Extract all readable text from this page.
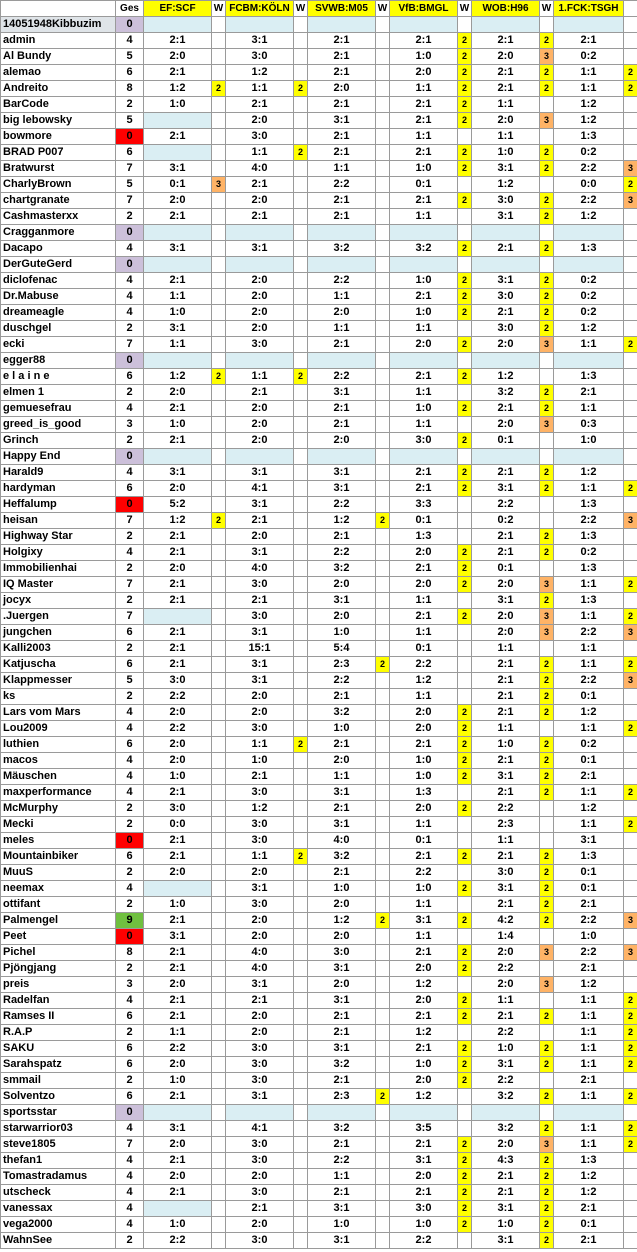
	Ges	EF:SCF	W	FCBM:KÖLN	W	SVWB:M05	W	VfB:BMGL	W	WOB:H96	W	1.FCK:TSGH	
14051948Kibbuzim	0												
admin	4	2:1		3:1		2:1		2:1	2	2:1	2	2:1	
Al Bundy	5	2:0		3:0		2:1		1:0	2	2:0	3	0:2	
alemao	6	2:1		1:2		2:1		2:0	2	2:1	2	1:1	2
Andreito	8	1:2	2	1:1	2	2:0		1:1	2	2:1	2	1:1	2
BarCode	2	1:0		2:1		2:1		2:1	2	1:1		1:2	
big lebowsky	5			2:0		3:1		2:1	2	2:0	3	1:2	
bowmore	0	2:1		3:0		2:1		1:1		1:1		1:3	
BRAD P007	6			1:1	2	2:1		2:1	2	1:0	2	0:2	
Bratwurst	7	3:1		4:0		1:1		1:0	2	3:1	2	2:2	3
CharlyBrown	5	0:1	3	2:1		2:2		0:1		1:2		0:0	2
chartgranate	7	2:0		2:0		2:1		2:1	2	3:0	2	2:2	3
Cashmasterxx	2	2:1		2:1		2:1		1:1		3:1	2	1:2	
Cragganmore	0												
Dacapo	4	3:1		3:1		3:2		3:2	2	2:1	2	1:3	
DerGuteGerd	0												
diclofenac	4	2:1		2:0		2:2		1:0	2	3:1	2	0:2	
Dr.Mabuse	4	1:1		2:0		1:1		2:1	2	3:0	2	0:2	
dreameagle	4	1:0		2:0		2:0		1:0	2	2:1	2	0:2	
duschgel	2	3:1		2:0		1:1		1:1		3:0	2	1:2	
ecki	7	1:1		3:0		2:1		2:0	2	2:0	3	1:1	2
egger88	0												
e l a i n e	6	1:2	2	1:1	2	2:2		2:1	2	1:2		1:3	
elmen 1	2	2:0		2:1		3:1		1:1		3:2	2	2:1	
gemuesefrau	4	2:1		2:0		2:1		1:0	2	2:1	2	1:1	
greed_is_good	3	1:0		2:0		2:1		1:1		2:0	3	0:3	
Grinch	2	2:1		2:0		2:0		3:0	2	0:1		1:0	
Happy End	0												
Harald9	4	3:1		3:1		3:1		2:1	2	2:1	2	1:2	
hardyman	6	2:0		4:1		3:1		2:1	2	3:1	2	1:1	2
Heffalump	0	5:2		3:1		2:2		3:3		2:2		1:3	
heisan	7	1:2	2	2:1		1:2	2	0:1		0:2		2:2	3
Highway Star	2	2:1		2:0		2:1		1:3		2:1	2	1:3	
Holgixy	4	2:1		3:1		2:2		2:0	2	2:1	2	0:2	
Immobilienhai	2	2:0		4:0		3:2		2:1	2	0:1		1:3	
IQ Master	7	2:1		3:0		2:0		2:0	2	2:0	3	1:1	2
jocyx	2	2:1		2:1		3:1		1:1		3:1	2	1:3	
.Juergen	7			3:0		2:0		2:1	2	2:0	3	1:1	2
jungchen	6	2:1		3:1		1:0		1:1		2:0	3	2:2	3
Kalli2003	2	2:1		15:1		5:4		0:1		1:1		1:1	
Katjuscha	6	2:1		3:1		2:3	2	2:2		2:1	2	1:1	2
Klappmesser	5	3:0		3:1		2:2		1:2		2:1	2	2:2	3
ks	2	2:2		2:0		2:1		1:1		2:1	2	0:1	
Lars vom Mars	4	2:0		2:0		3:2		2:0	2	2:1	2	1:2	
Lou2009	4	2:2		3:0		1:0		2:0	2	1:1		1:1	2
luthien	6	2:0		1:1	2	2:1		2:1	2	1:0	2	0:2	
macos	4	2:0		1:0		2:0		1:0	2	2:1	2	0:1	
Mäuschen	4	1:0		2:1		1:1		1:0	2	3:1	2	2:1	
maxperformance	4	2:1		3:0		3:1		1:3		2:1	2	1:1	2
McMurphy	2	3:0		1:2		2:1		2:0	2	2:2		1:2	
Mecki	2	0:0		3:0		3:1		1:1		2:3		1:1	2
meles	0	2:1		3:0		4:0		0:1		1:1		3:1	
Mountainbiker	6	2:1		1:1	2	3:2		2:1	2	2:1	2	1:3	
MuuS	2	2:0		2:0		2:1		2:2		3:0	2	0:1	
neemax	4			3:1		1:0		1:0	2	3:1	2	0:1	
ottifant	2	1:0		3:0		2:0		1:1		2:1	2	2:1	
Palmengel	9	2:1		2:0		1:2	2	3:1	2	4:2	2	2:2	3
Peet	0	3:1		2:0		2:0		1:1		1:4		1:0	
Pichel	8	2:1		4:0		3:0		2:1	2	2:0	3	2:2	3
Pjöngjang	2	2:1		4:0		3:1		2:0	2	2:2		2:1	
preis	3	2:0		3:1		2:0		1:2		2:0	3	1:2	
Radelfan	4	2:1		2:1		3:1		2:0	2	1:1		1:1	2
Ramses II	6	2:1		2:0		2:1		2:1	2	2:1	2	1:1	2
R.A.P	2	1:1		2:0		2:1		1:2		2:2		1:1	2
SAKU	6	2:2		3:0		3:1		2:1	2	1:0	2	1:1	2
Sarahspatz	6	2:0		3:0		3:2		1:0	2	3:1	2	1:1	2
smmail	2	1:0		3:0		2:1		2:0	2	2:2		2:1	
Solventzo	6	2:1		3:1		2:3	2	1:2		3:2	2	1:1	2
sportsstar	0												
starwarrior03	4	3:1		4:1		3:2		3:5		3:2	2	1:1	2
steve1805	7	2:0		3:0		2:1		2:1	2	2:0	3	1:1	2
thefan1	4	2:1		3:0		2:2		3:1	2	4:3	2	1:3	
Tomastradamus	4	2:0		2:0		1:1		2:0	2	2:1	2	1:2	
utscheck	4	2:1		3:0		2:1		2:1	2	2:1	2	1:2	
vanessax	4			2:1		3:1		3:0	2	3:1	2	2:1	
vega2000	4	1:0		2:0		1:0		1:0	2	1:0	2	0:1	
WahnSee	2	2:2		3:0		3:1		2:2		3:1	2	2:1	
